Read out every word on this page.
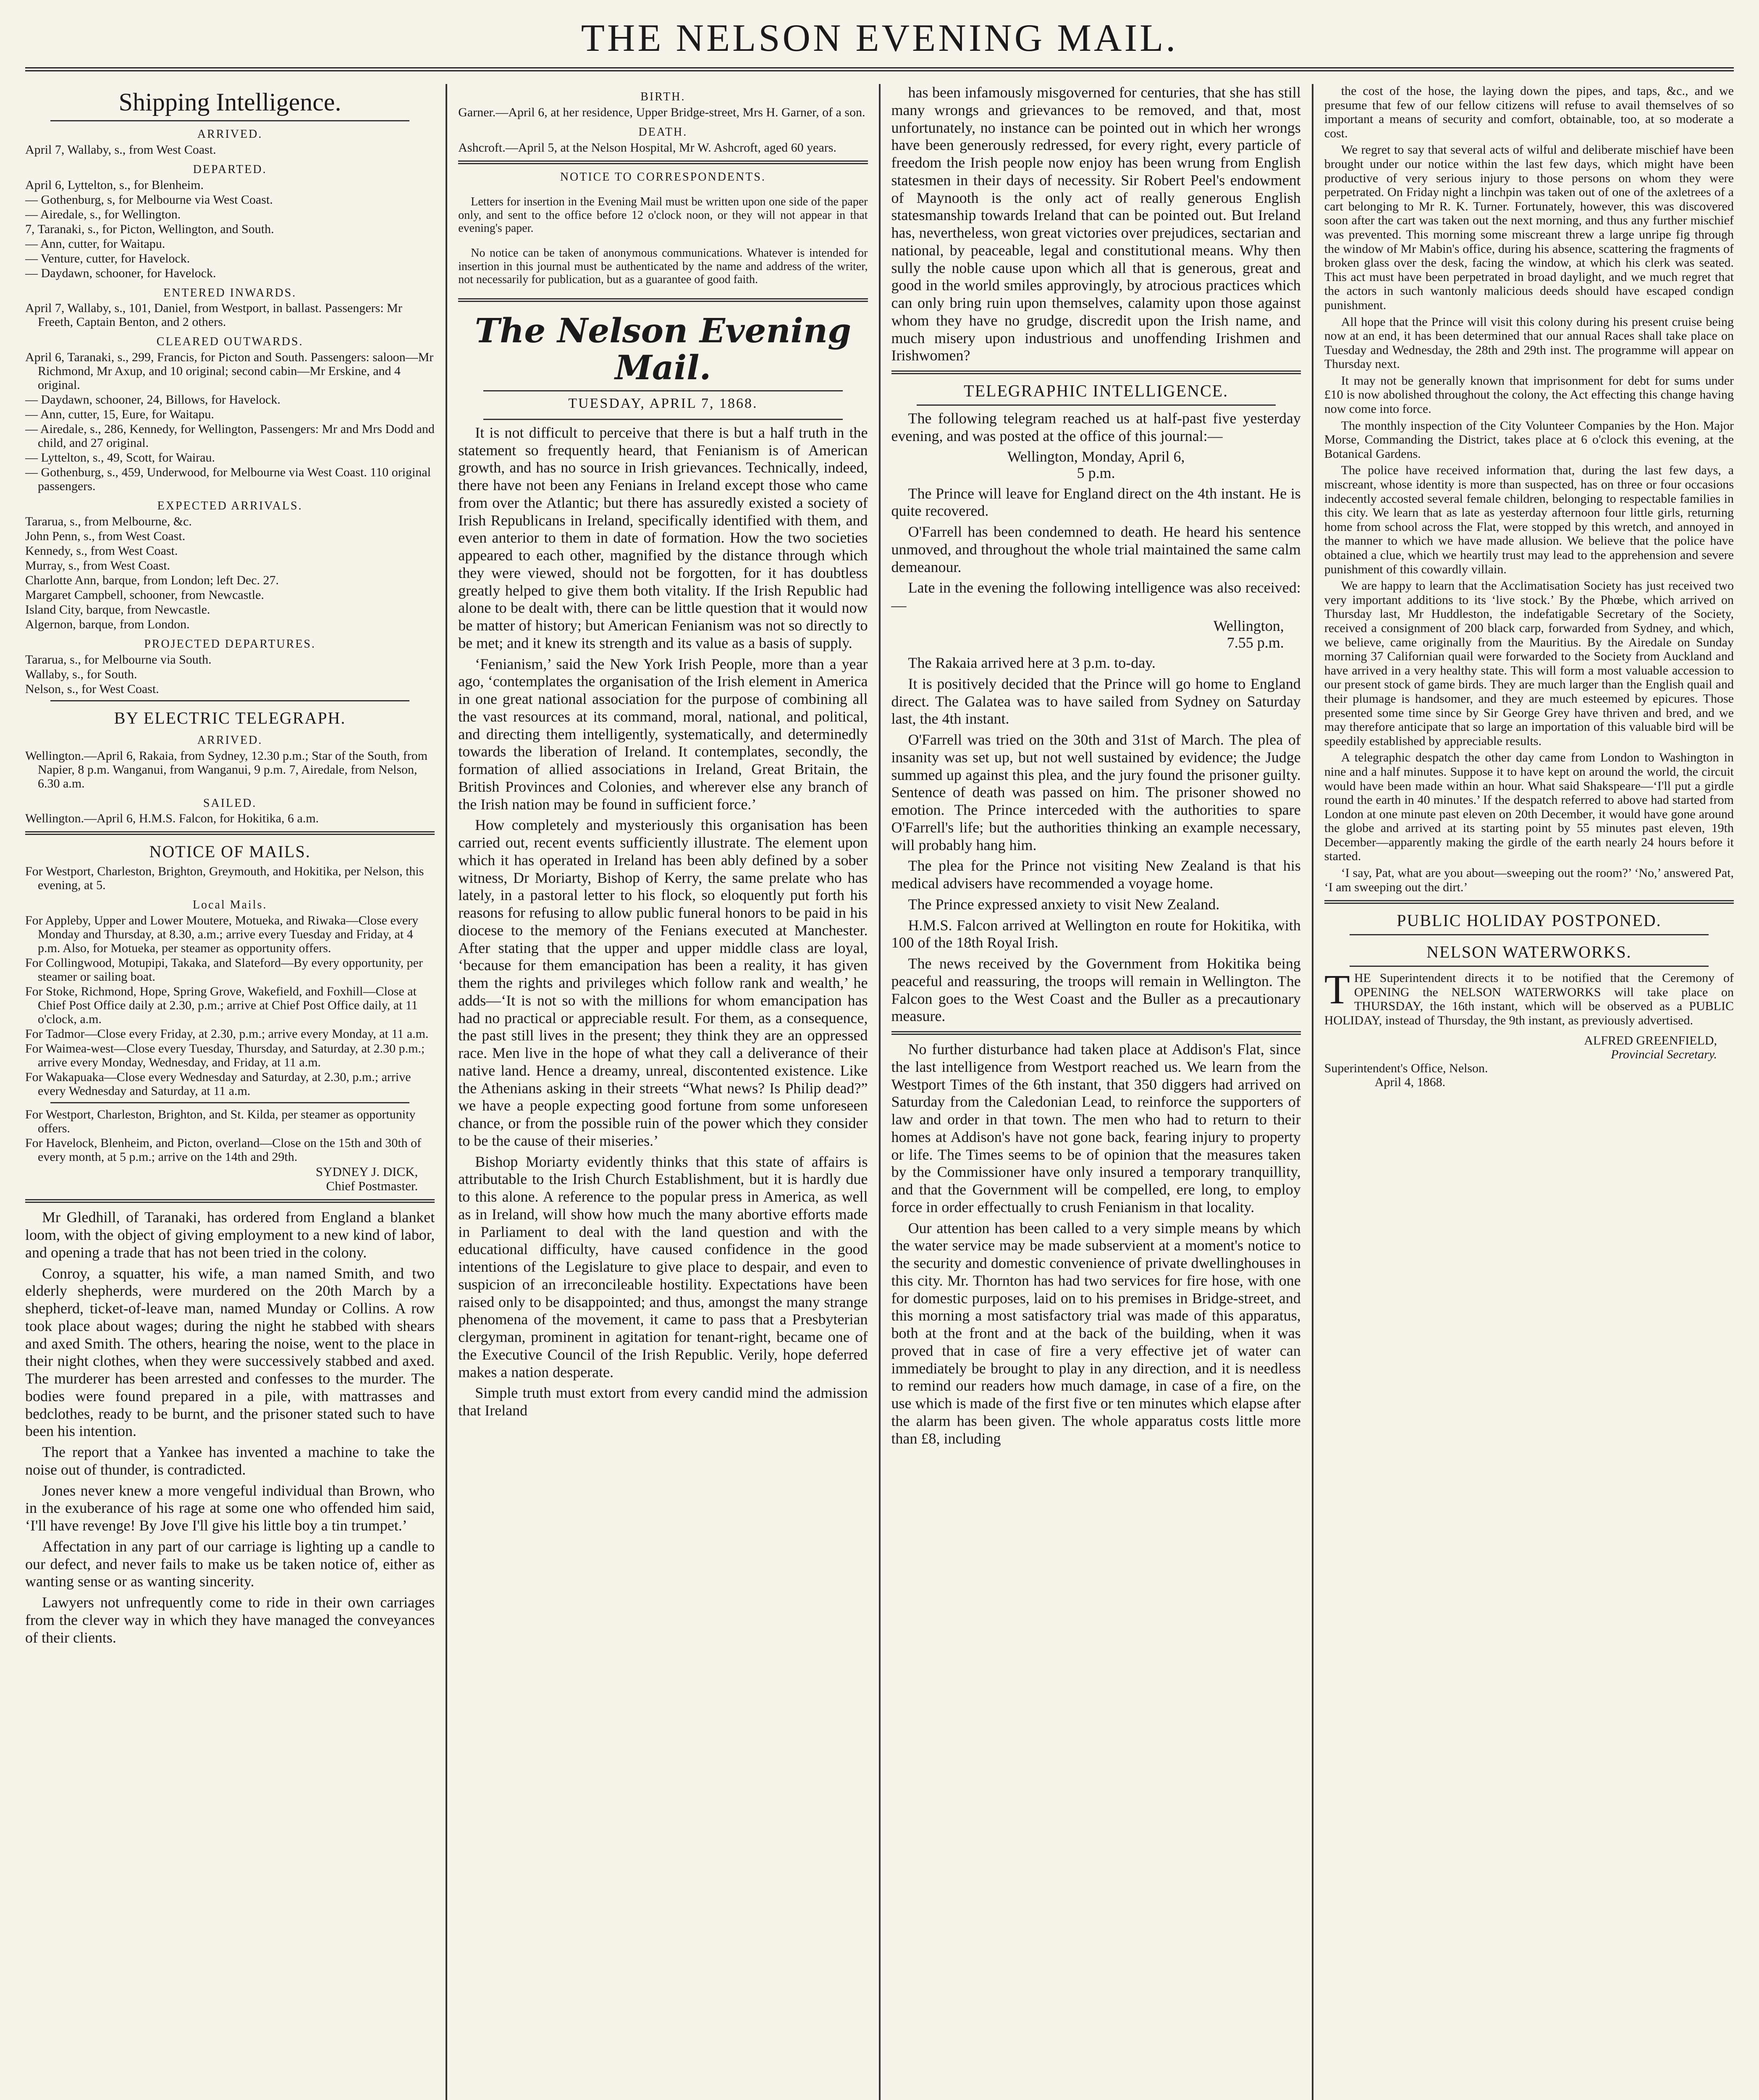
THE NELSON EVENING MAIL.
Shipping Intelligence.
ARRIVED.

April 7, Wallaby, s., from West Coast.

DEPARTED.

April 6, Lyttelton, s., for Blenheim.

— Gothenburg, s, for Melbourne via West Coast.

— Airedale, s., for Wellington.

7, Taranaki, s., for Picton, Wellington, and South.

— Ann, cutter, for Waitapu.

— Venture, cutter, for Havelock.

— Daydawn, schooner, for Havelock.

ENTERED INWARDS.

April 7, Wallaby, s., 101, Daniel, from Westport, in ballast. Passengers: Mr Freeth, Captain Benton, and 2 others.

CLEARED OUTWARDS.

April 6, Taranaki, s., 299, Francis, for Picton and South. Passengers: saloon—Mr Richmond, Mr Axup, and 10 original; second cabin—Mr Erskine, and 4 original.

— Daydawn, schooner, 24, Billows, for Havelock.

— Ann, cutter, 15, Eure, for Waitapu.

— Airedale, s., 286, Kennedy, for Wellington, Passengers: Mr and Mrs Dodd and child, and 27 original.

— Lyttelton, s., 49, Scott, for Wairau.

— Gothenburg, s., 459, Underwood, for Melbourne via West Coast. 110 original passengers.

EXPECTED ARRIVALS.

Tararua, s., from Melbourne, &c.

John Penn, s., from West Coast.

Kennedy, s., from West Coast.

Murray, s., from West Coast.

Charlotte Ann, barque, from London; left Dec. 27.

Margaret Campbell, schooner, from Newcastle.

Island City, barque, from Newcastle.

Algernon, barque, from London.

PROJECTED DEPARTURES.

Tararua, s., for Melbourne via South.

Wallaby, s., for South.

Nelson, s., for West Coast.

BY ELECTRIC TELEGRAPH.
ARRIVED.

Wellington.—April 6, Rakaia, from Sydney, 12.30 p.m.; Star of the South, from Napier, 8 p.m. Wanganui, from Wanganui, 9 p.m. 7, Airedale, from Nelson, 6.30 a.m.

SAILED.

Wellington.—April 6, H.M.S. Falcon, for Hokitika, 6 a.m.

NOTICE OF MAILS.
For Westport, Charleston, Brighton, Greymouth, and Hokitika, per Nelson, this evening, at 5.
Local Mails.

For Appleby, Upper and Lower Moutere, Motueka, and Riwaka—Close every Monday and Thursday, at 8.30, a.m.; arrive every Tuesday and Friday, at 4 p.m. Also, for Motueka, per steamer as opportunity offers.

For Collingwood, Motupipi, Takaka, and Slateford—By every opportunity, per steamer or sailing boat.

For Stoke, Richmond, Hope, Spring Grove, Wakefield, and Foxhill—Close at Chief Post Office daily at 2.30, p.m.; arrive at Chief Post Office daily, at 11 o'clock, a.m.

For Tadmor—Close every Friday, at 2.30, p.m.; arrive every Monday, at 11 a.m.

For Waimea-west—Close every Tuesday, Thursday, and Saturday, at 2.30 p.m.; arrive every Monday, Wednesday, and Friday, at 11 a.m.

For Wakapuaka—Close every Wednesday and Saturday, at 2.30, p.m.; arrive every Wednesday and Saturday, at 11 a.m.

For Westport, Charleston, Brighton, and St. Kilda, per steamer as opportunity offers.

For Havelock, Blenheim, and Picton, overland—Close on the 15th and 30th of every month, at 5 p.m.; arrive on the 14th and 29th.

SYDNEY J. DICK,
Chief Postmaster.

Mr Gledhill, of Taranaki, has ordered from England a blanket loom, with the object of giving employment to a new kind of labor, and opening a trade that has not been tried in the colony.

Conroy, a squatter, his wife, a man named Smith, and two elderly shepherds, were murdered on the 20th March by a shepherd, ticket-of-leave man, named Munday or Collins. A row took place about wages; during the night he stabbed with shears and axed Smith. The others, hearing the noise, went to the place in their night clothes, when they were successively stabbed and axed. The murderer has been arrested and confesses to the murder. The bodies were found prepared in a pile, with mattrasses and bedclothes, ready to be burnt, and the prisoner stated such to have been his intention.

The report that a Yankee has invented a machine to take the noise out of thunder, is contradicted.

Jones never knew a more vengeful individual than Brown, who in the exuberance of his rage at some one who offended him said, ‘I'll have revenge! By Jove I'll give his little boy a tin trumpet.’

Affectation in any part of our carriage is lighting up a candle to our defect, and never fails to make us be taken notice of, either as wanting sense or as wanting sincerity.

Lawyers not unfrequently come to ride in their own carriages from the clever way in which they have managed the conveyances of their clients.

BIRTH.
Garner.—April 6, at her residence, Upper Bridge-street, Mrs H. Garner, of a son.
DEATH.
Ashcroft.—April 5, at the Nelson Hospital, Mr W. Ashcroft, aged 60 years.
NOTICE TO CORRESPONDENTS.

Letters for insertion in the Evening Mail must be written upon one side of the paper only, and sent to the office before 12 o'clock noon, or they will not appear in that evening's paper.

No notice can be taken of anonymous communications. Whatever is intended for insertion in this journal must be authenticated by the name and address of the writer, not necessarily for publication, but as a guarantee of good faith.

The Nelson Evening Mail.
TUESDAY, APRIL 7, 1868.

It is not difficult to perceive that there is but a half truth in the statement so frequently heard, that Fenianism is of American growth, and has no source in Irish grievances. Technically, indeed, there have not been any Fenians in Ireland except those who came from over the Atlantic; but there has assuredly existed a society of Irish Republicans in Ireland, specifically identified with them, and even anterior to them in date of formation. How the two societies appeared to each other, magnified by the distance through which they were viewed, should not be forgotten, for it has doubtless greatly helped to give them both vitality. If the Irish Republic had alone to be dealt with, there can be little question that it would now be matter of history; but American Fenianism was not so directly to be met; and it knew its strength and its value as a basis of supply.

‘Fenianism,’ said the New York Irish People, more than a year ago, ‘contemplates the organisation of the Irish element in America in one great national association for the purpose of combining all the vast resources at its command, moral, national, and political, and directing them intelligently, systematically, and determinedly towards the liberation of Ireland. It contemplates, secondly, the formation of allied associations in Ireland, Great Britain, the British Provinces and Colonies, and wherever else any branch of the Irish nation may be found in sufficient force.’

How completely and mysteriously this organisation has been carried out, recent events sufficiently illustrate. The element upon which it has operated in Ireland has been ably defined by a sober witness, Dr Moriarty, Bishop of Kerry, the same prelate who has lately, in a pastoral letter to his flock, so eloquently put forth his reasons for refusing to allow public funeral honors to be paid in his diocese to the memory of the Fenians executed at Manchester. After stating that the upper and upper middle class are loyal, ‘because for them emancipation has been a reality, it has given them the rights and privileges which follow rank and wealth,’ he adds—‘It is not so with the millions for whom emancipation has had no practical or appreciable result. For them, as a consequence, the past still lives in the present; they think they are an oppressed race. Men live in the hope of what they call a deliverance of their native land. Hence a dreamy, unreal, discontented existence. Like the Athenians asking in their streets “What news? Is Philip dead?” we have a people expecting good fortune from some unforeseen chance, or from the possible ruin of the power which they consider to be the cause of their miseries.’

Bishop Moriarty evidently thinks that this state of affairs is attributable to the Irish Church Establishment, but it is hardly due to this alone. A reference to the popular press in America, as well as in Ireland, will show how much the many abortive efforts made in Parliament to deal with the land question and with the educational difficulty, have caused confidence in the good intentions of the Legislature to give place to despair, and even to suspicion of an irreconcileable hostility. Expectations have been raised only to be disappointed; and thus, amongst the many strange phenomena of the movement, it came to pass that a Presbyterian clergyman, prominent in agitation for tenant-right, became one of the Executive Council of the Irish Republic. Verily, hope deferred makes a nation desperate.

Simple truth must extort from every candid mind the admission that Ireland

has been infamously misgoverned for centuries, that she has still many wrongs and grievances to be removed, and that, most unfortunately, no instance can be pointed out in which her wrongs have been generously redressed, for every right, every particle of freedom the Irish people now enjoy has been wrung from English statesmen in their days of necessity. Sir Robert Peel's endowment of Maynooth is the only act of really generous English statesmanship towards Ireland that can be pointed out. But Ireland has, nevertheless, won great victories over prejudices, sectarian and national, by peaceable, legal and constitutional means. Why then sully the noble cause upon which all that is generous, great and good in the world smiles approvingly, by atrocious practices which can only bring ruin upon themselves, calamity upon those against whom they have no grudge, discredit upon the Irish name, and much misery upon industrious and unoffending Irishmen and Irishwomen?

TELEGRAPHIC INTELLIGENCE.

The following telegram reached us at half-past five yesterday evening, and was posted at the office of this journal:—

Wellington, Monday, April 6,
5 p.m.

The Prince will leave for England direct on the 4th instant. He is quite recovered.

O'Farrell has been condemned to death. He heard his sentence unmoved, and throughout the whole trial maintained the same calm demeanour.

Late in the evening the following intelligence was also received:—

Wellington,
7.55 p.m.

The Rakaia arrived here at 3 p.m. to-day.

It is positively decided that the Prince will go home to England direct. The Galatea was to have sailed from Sydney on Saturday last, the 4th instant.

O'Farrell was tried on the 30th and 31st of March. The plea of insanity was set up, but not well sustained by evidence; the Judge summed up against this plea, and the jury found the prisoner guilty. Sentence of death was passed on him. The prisoner showed no emotion. The Prince interceded with the authorities to spare O'Farrell's life; but the authorities thinking an example necessary, will probably hang him.

The plea for the Prince not visiting New Zealand is that his medical advisers have recommended a voyage home.

The Prince expressed anxiety to visit New Zealand.

H.M.S. Falcon arrived at Wellington en route for Hokitika, with 100 of the 18th Royal Irish.

The news received by the Government from Hokitika being peaceful and reassuring, the troops will remain in Wellington. The Falcon goes to the West Coast and the Buller as a precautionary measure.

No further disturbance had taken place at Addison's Flat, since the last intelligence from Westport reached us. We learn from the Westport Times of the 6th instant, that 350 diggers had arrived on Saturday from the Caledonian Lead, to reinforce the supporters of law and order in that town. The men who had to return to their homes at Addison's have not gone back, fearing injury to property or life. The Times seems to be of opinion that the measures taken by the Commissioner have only insured a temporary tranquillity, and that the Government will be compelled, ere long, to employ force in order effectually to crush Fenianism in that locality.

Our attention has been called to a very simple means by which the water service may be made subservient at a moment's notice to the security and domestic convenience of private dwellinghouses in this city. Mr. Thornton has had two services for fire hose, with one for domestic purposes, laid on to his premises in Bridge-street, and this morning a most satisfactory trial was made of this apparatus, both at the front and at the back of the building, when it was proved that in case of fire a very effective jet of water can immediately be brought to play in any direction, and it is needless to remind our readers how much damage, in case of a fire, on the use which is made of the first five or ten minutes which elapse after the alarm has been given. The whole apparatus costs little more than £8, including

the cost of the hose, the laying down the pipes, and taps, &c., and we presume that few of our fellow citizens will refuse to avail themselves of so important a means of security and comfort, obtainable, too, at so moderate a cost.

We regret to say that several acts of wilful and deliberate mischief have been brought under our notice within the last few days, which might have been productive of very serious injury to those persons on whom they were perpetrated. On Friday night a linchpin was taken out of one of the axletrees of a cart belonging to Mr R. K. Turner. Fortunately, however, this was discovered soon after the cart was taken out the next morning, and thus any further mischief was prevented. This morning some miscreant threw a large unripe fig through the window of Mr Mabin's office, during his absence, scattering the fragments of broken glass over the desk, facing the window, at which his clerk was seated. This act must have been perpetrated in broad daylight, and we much regret that the actors in such wantonly malicious deeds should have escaped condign punishment.

All hope that the Prince will visit this colony during his present cruise being now at an end, it has been determined that our annual Races shall take place on Tuesday and Wednesday, the 28th and 29th inst. The programme will appear on Thursday next.

It may not be generally known that imprisonment for debt for sums under £10 is now abolished throughout the colony, the Act effecting this change having now come into force.

The monthly inspection of the City Volunteer Companies by the Hon. Major Morse, Commanding the District, takes place at 6 o'clock this evening, at the Botanical Gardens.

The police have received information that, during the last few days, a miscreant, whose identity is more than suspected, has on three or four occasions indecently accosted several female children, belonging to respectable families in this city. We learn that as late as yesterday afternoon four little girls, returning home from school across the Flat, were stopped by this wretch, and annoyed in the manner to which we have made allusion. We believe that the police have obtained a clue, which we heartily trust may lead to the apprehension and severe punishment of this cowardly villain.

We are happy to learn that the Acclimatisation Society has just received two very important additions to its ‘live stock.’ By the Phœbe, which arrived on Thursday last, Mr Huddleston, the indefatigable Secretary of the Society, received a consignment of 200 black carp, forwarded from Sydney, and which, we believe, came originally from the Mauritius. By the Airedale on Sunday morning 37 Californian quail were forwarded to the Society from Auckland and have arrived in a very healthy state. This will form a most valuable accession to our present stock of game birds. They are much larger than the English quail and their plumage is handsomer, and they are much esteemed by epicures. Those presented some time since by Sir George Grey have thriven and bred, and we may therefore anticipate that so large an importation of this valuable bird will be speedily established by appreciable results.

A telegraphic despatch the other day came from London to Washington in nine and a half minutes. Suppose it to have kept on around the world, the circuit would have been made within an hour. What said Shakspeare—‘I'll put a girdle round the earth in 40 minutes.’ If the despatch referred to above had started from London at one minute past eleven on 20th December, it would have gone around the globe and arrived at its starting point by 55 minutes past eleven, 19th December—apparently making the girdle of the earth nearly 24 hours before it started.

‘I say, Pat, what are you about—sweeping out the room?’ ‘No,’ answered Pat, ‘I am sweeping out the dirt.’

PUBLIC HOLIDAY POSTPONED.
NELSON WATERWORKS.
T HE Superintendent directs it to be notified that the Ceremony of OPENING the NELSON WATERWORKS will take place on THURSDAY, the 16th instant, which will be observed as a PUBLIC HOLIDAY, instead of Thursday, the 9th instant, as previously advertised.
ALFRED GREENFIELD,
Provincial Secretary.
Superintendent's Office, Nelson.
April 4, 1868.
